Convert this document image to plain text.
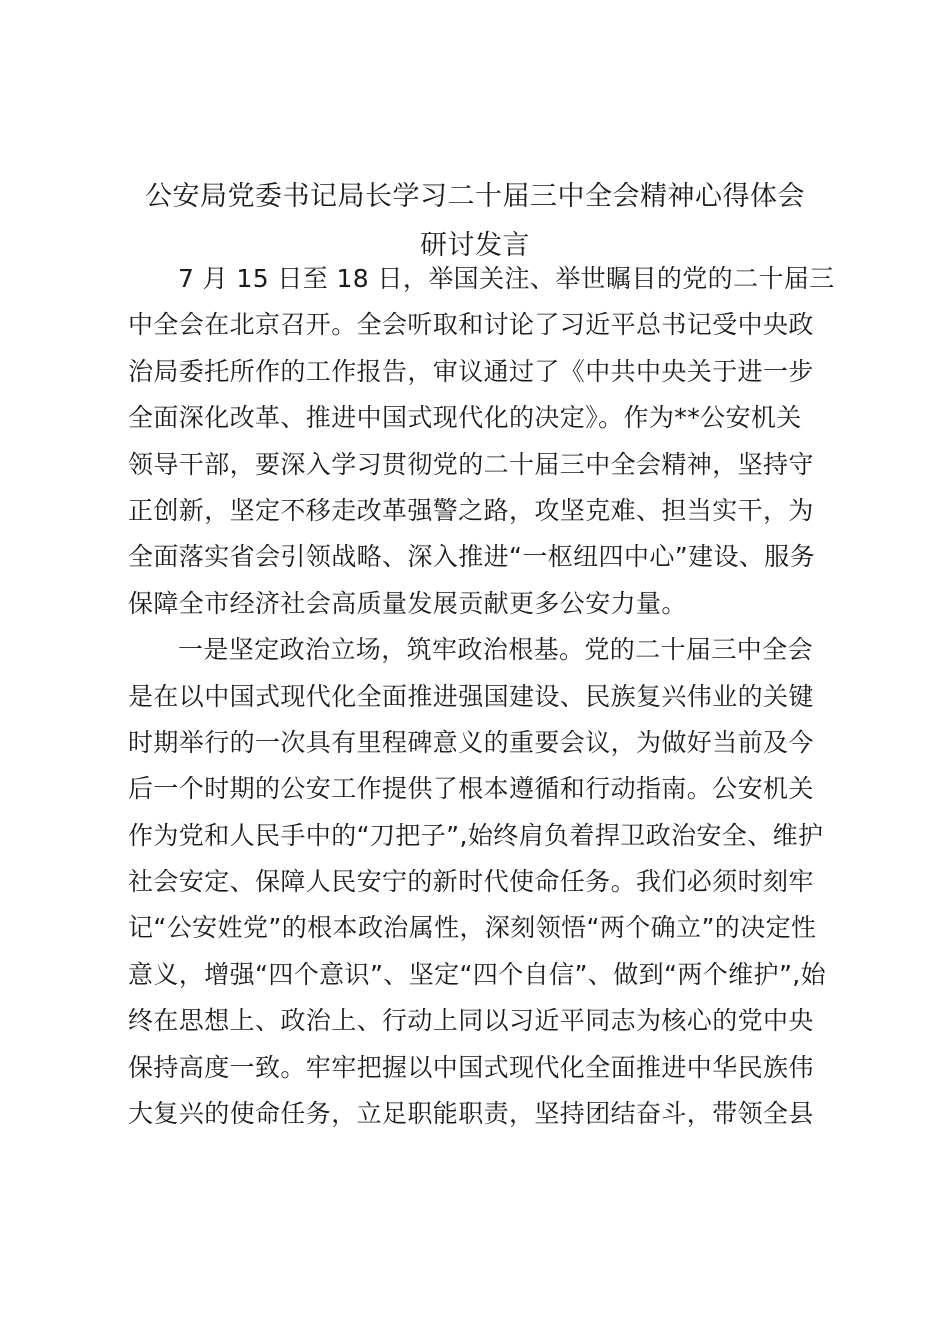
公安局党委书记局长学习二十届三中全会精神心得体会
研讨发言
7 月 15 日至 18 日，举国关注、举世瞩目的党的二十届三
中全会在北京召开。全会听取和讨论了习近平总书记受中央政
治局委托所作的工作报告，审议通过了《中共中央关于进一步
全面深化改革、推进中国式现代化的决定》。作为**公安机关
领导干部，要深入学习贯彻党的二十届三中全会精神，坚持守
正创新，坚定不移走改革强警之路，攻坚克难、担当实干，为
全面落实省会引领战略、深入推进“一枢纽四中心”建设、服务
保障全市经济社会高质量发展贡献更多公安力量。
一是坚定政治立场，筑牢政治根基。党的二十届三中全会
是在以中国式现代化全面推进强国建设、民族复兴伟业的关键
时期举行的一次具有里程碑意义的重要会议，为做好当前及今
后一个时期的公安工作提供了根本遵循和行动指南。公安机关
作为党和人民手中的“刀把子”,始终肩负着捍卫政治安全、维护
社会安定、保障人民安宁的新时代使命任务。我们必须时刻牢
记“公安姓党”的根本政治属性，深刻领悟“两个确立”的决定性
意义，增强“四个意识”、坚定“四个自信”、做到“两个维护”,始
终在思想上、政治上、行动上同以习近平同志为核心的党中央
保持高度一致。牢牢把握以中国式现代化全面推进中华民族伟
大复兴的使命任务，立足职能职责，坚持团结奋斗，带领全县
